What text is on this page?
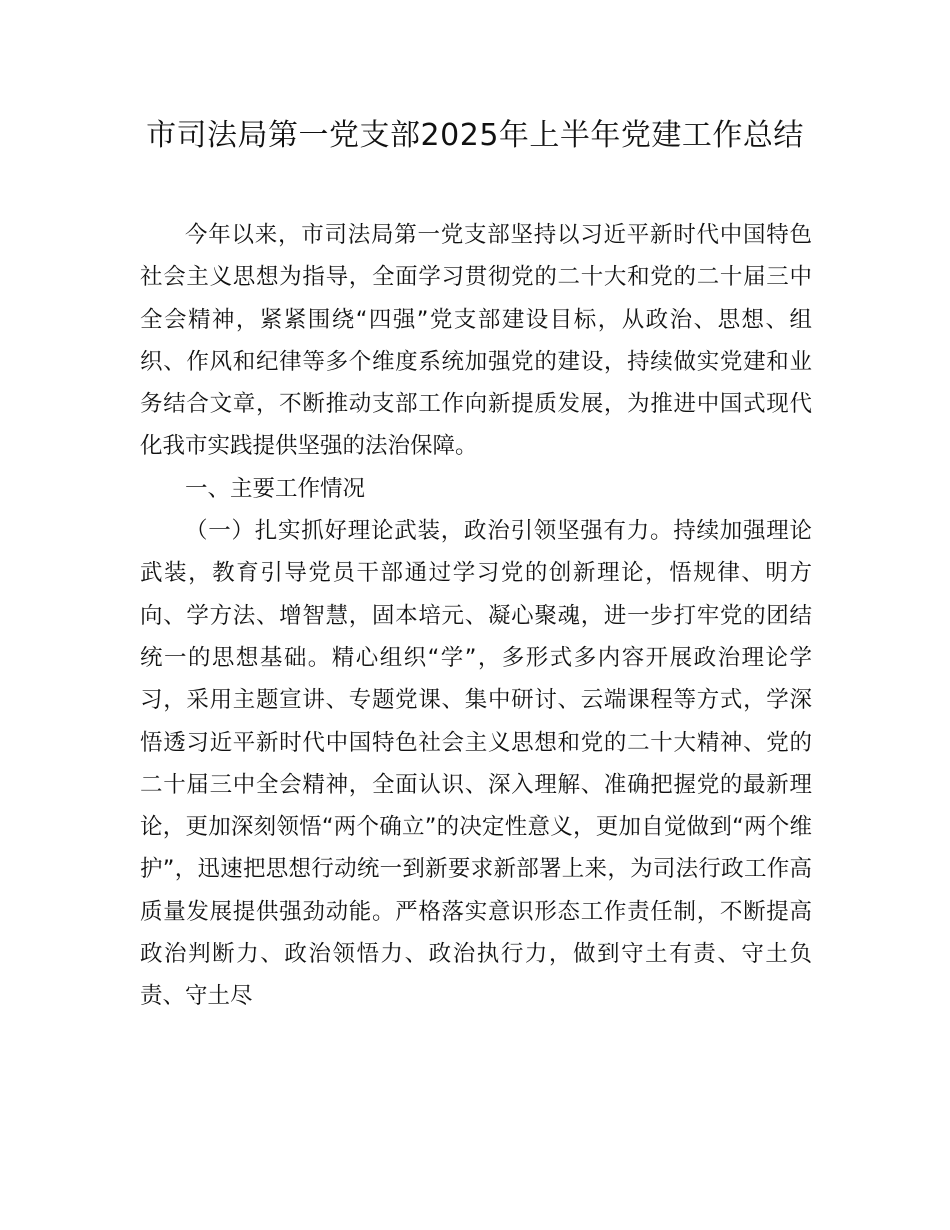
市司法局第一党支部2025年上半年党建工作总结

今年以来，市司法局第一党支部坚持以习近平新时代中国特色社会主义思想为指导，全面学习贯彻党的二十大和党的二十届三中全会精神，紧紧围绕“四强”党支部建设目标，从政治、思想、组织、作风和纪律等多个维度系统加强党的建设，持续做实党建和业务结合文章，不断推动支部工作向新提质发展，为推进中国式现代化我市实践提供坚强的法治保障。

一、主要工作情况

（一）扎实抓好理论武装，政治引领坚强有力。持续加强理论武装，教育引导党员干部通过学习党的创新理论，悟规律、明方向、学方法、增智慧，固本培元、凝心聚魂，进一步打牢党的团结统一的思想基础。精心组织“学”，多形式多内容开展政治理论学习，采用主题宣讲、专题党课、集中研讨、云端课程等方式，学深悟透习近平新时代中国特色社会主义思想和党的二十大精神、党的二十届三中全会精神，全面认识、深入理解、准确把握党的最新理论，更加深刻领悟“两个确立”的决定性意义，更加自觉做到“两个维护”，迅速把思想行动统一到新要求新部署上来，为司法行政工作高质量发展提供强劲动能。严格落实意识形态工作责任制，不断提高政治判断力、政治领悟力、政治执行力，做到守土有责、守土负责、守土尽
